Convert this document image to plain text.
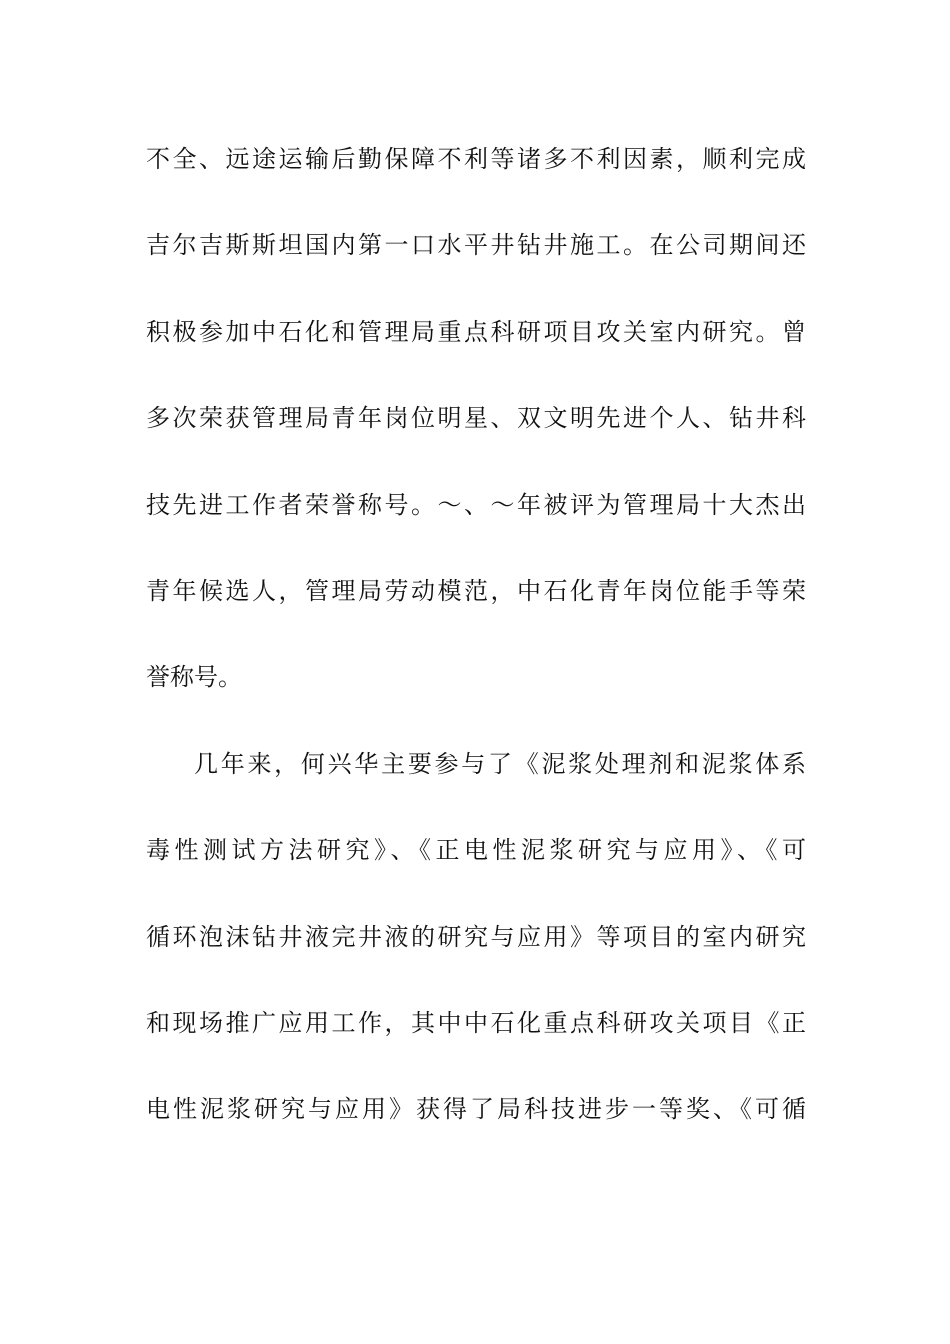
不全、远途运输后勤保障不利等诸多不利因素，顺利完成
吉尔吉斯斯坦国内第一口水平井钻井施工。在公司期间还
积极参加中石化和管理局重点科研项目攻关室内研究。曾
多次荣获管理局青年岗位明星、双文明先进个人、钻井科
技先进工作者荣誉称号。～、～年被评为管理局十大杰出
青年候选人，管理局劳动模范，中石化青年岗位能手等荣
誉称号。
几年来，何兴华主要参与了《泥浆处理剂和泥浆体系
毒性测试方法研究》、《正电性泥浆研究与应用》、《可
循环泡沫钻井液完井液的研究与应用》等项目的室内研究
和现场推广应用工作，其中中石化重点科研攻关项目《正
电性泥浆研究与应用》获得了局科技进步一等奖、《可循
